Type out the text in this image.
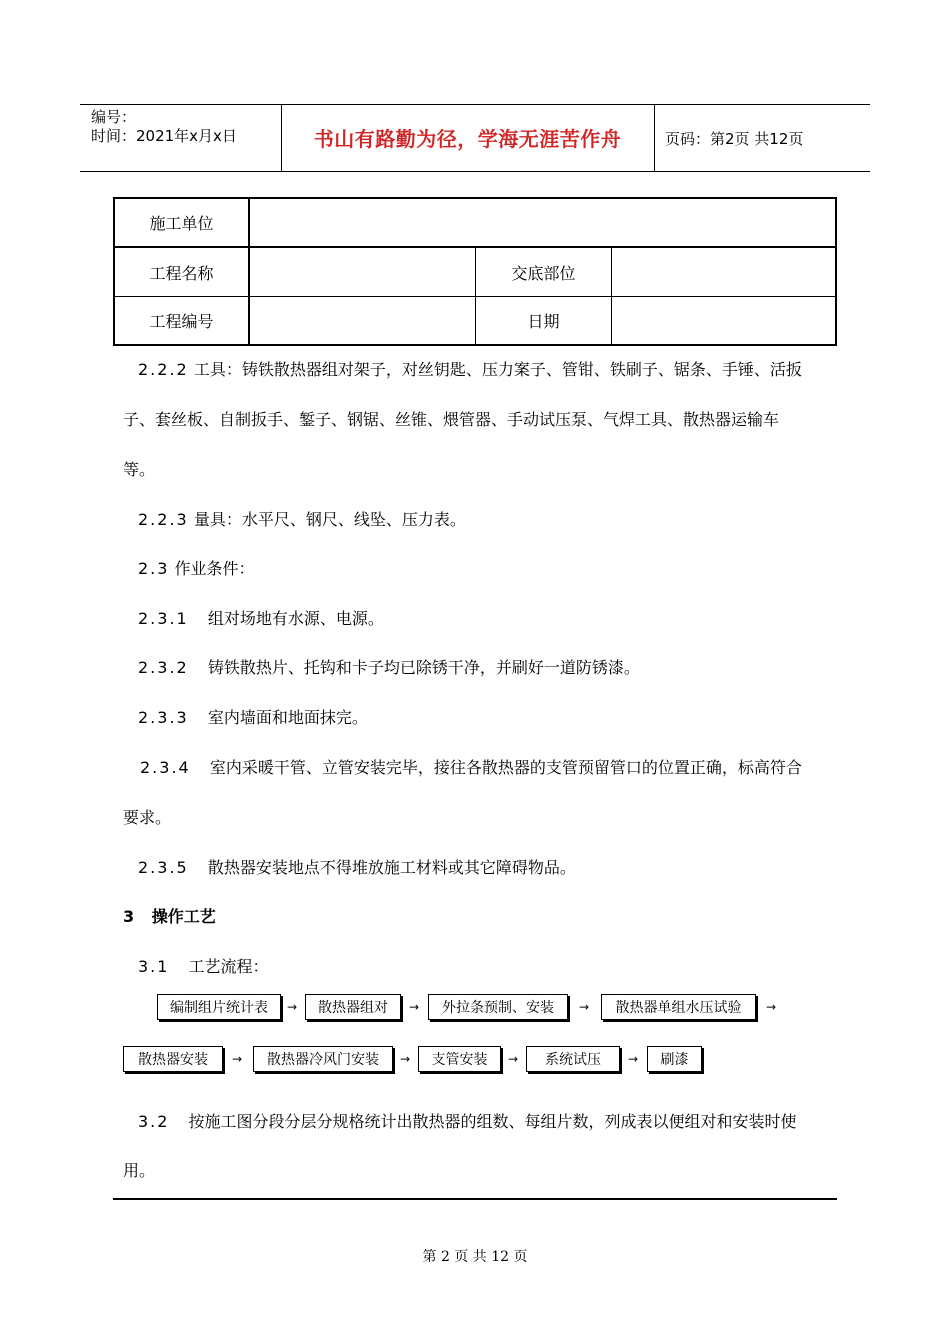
编号：
时间：2021年x月x日	书山有路勤为径，学海无涯苦作舟	页码：第2页 共12页
施工单位
工程名称	交底部位
工程编号	日期
2.2.2 工具：铸铁散热器组对架子，对丝钥匙、压力案子、管钳、铁刷子、锯条、手锤、活扳
子、套丝板、自制扳手、錾子、钢锯、丝锥、煨管器、手动试压泵、气焊工具、散热器运输车
等。
2.2.3 量具：水平尺、钢尺、线坠、压力表。
2.3 作业条件：
2.3.1 组对场地有水源、电源。
2.3.2 铸铁散热片、托钩和卡子均已除锈干净，并刷好一道防锈漆。
2.3.3 室内墙面和地面抹完。
2.3.4 室内采暖干管、立管安装完毕，接往各散热器的支管预留管口的位置正确，标高符合
要求。
2.3.5 散热器安装地点不得堆放施工材料或其它障碍物品。
3 操作工艺
3.1 工艺流程：
编制组片统计表	→	散热器组对	→	外拉条预制、安装	→	散热器单组水压试验	→
散热器安装	→	散热器冷风门安装	→	支管安装	→	系统试压	→	刷漆
3.2 按施工图分段分层分规格统计出散热器的组数、每组片数，列成表以便组对和安装时使
用。
第 2 页 共 12 页
